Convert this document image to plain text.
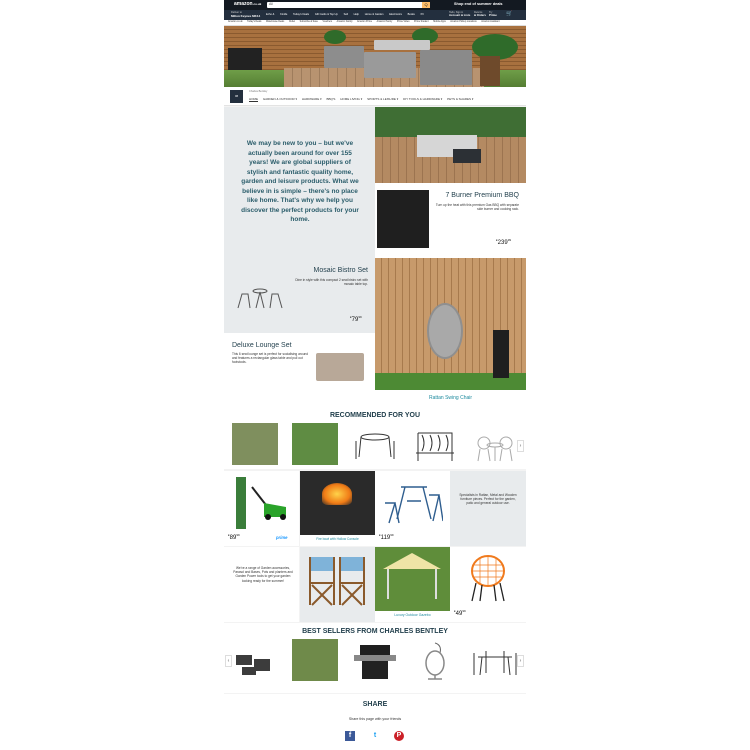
amazon.co.uk All	Q	Shop end of summer deals
Deliver to
Milton Keynes MK14 Echo & Kindle Today's Deals Gift Cards & Top Up Sell Help Home & Garden Electronics Books Pri
Hello, Sign in
Account & Lists
Returns
& Orders
Try
Prime 🛒
Amazon.co.uk Today's Deals Warehouse Deals Outlet Subscribe & Save Vouchers Amazon Family Amazon Prime Amazon Pantry Prime Video Prime Student Mobile Apps Amazon Pickup Locations Amazon Assistant
CB
Charles Bentley
HOME GARDEN & OUTDOOR ▾ HARDWARE ▾ BBQ'S HOME LIVING ▾ SPORTS & LEISURE ▾ DIY TOOLS & HARDWARE ▾ PETS & SHARES ▾
We may be new to you – but we've actually been around for over 155 years! We are global suppliers of stylish and fantastic quality home, garden and leisure products. What we believe in is simple – there's no place like home. That's why we help you discover the perfect products for your home.
7 Burner Premium BBQ
Turn up the heat with this premium Gas BBQ with separate side burner and cooking rack.
$^£239^{99}$
Mosaic Bistro Set
Dine in style with this compact 2 seat bistro set with mosaic table top.
$^£79^{99}$
Rattan Swing Chair
Deluxe Lounge Set
This 6 seat lounge set is perfect for socialising around and features a rectangular glass table and pull out footstools.
RECOMMENDED FOR YOU
›
$^£89^{99}$	prime	Fire bowl with Hollow Console
$^£119^{99}$
Specialists in Rattan, Metal and Wooden furniture pieces. Perfect for the garden, patio and general outdoor use.
We've a range of Garden accessories, Parasol and Bases, Pots and planters and Garden Power tools to get your garden looking ready for the summer!
Luxury Outdoor Gazebo
$^£49^{99}$
BEST SELLERS FROM CHARLES BENTLEY
‹	›
SHARE
Share this page with your friends
f	t	P
